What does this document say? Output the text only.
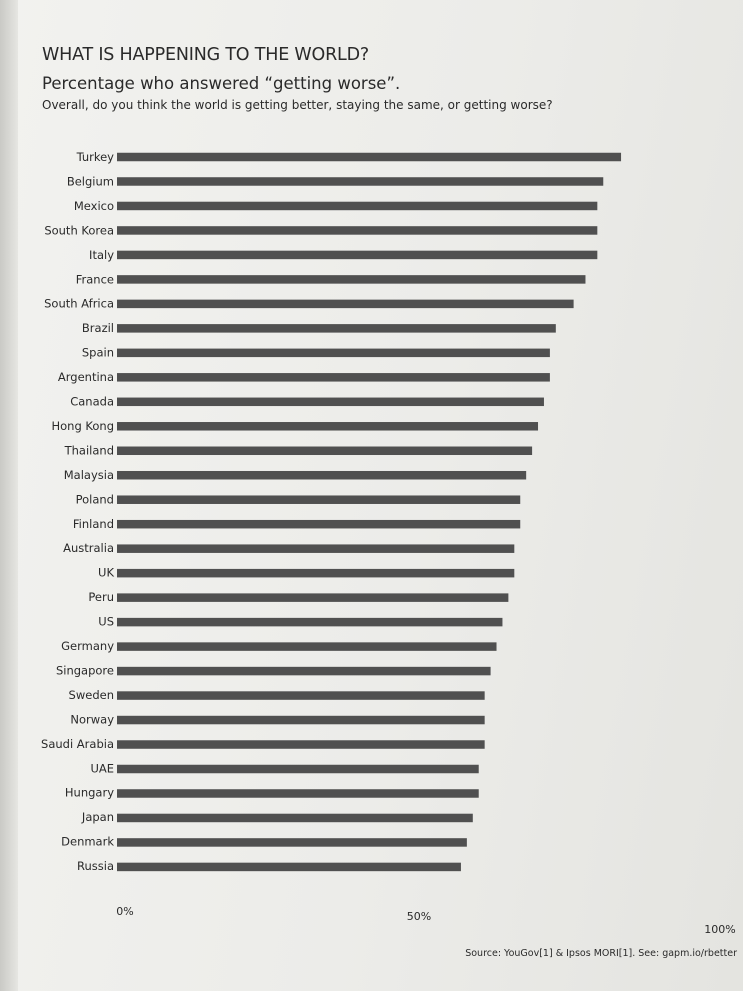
WHAT IS HAPPENING TO THE WORLD?
Percentage who answered “getting worse”.
Overall, do you think the world is getting better, staying the same, or getting worse?
Turkey
Belgium
Mexico
South Korea
Italy
France
South Africa
Brazil
Spain
Argentina
Canada
Hong Kong
Thailand
Malaysia
Poland
Finland
Australia
UK
Peru
US
Germany
Singapore
Sweden
Norway
Saudi Arabia
UAE
Hungary
Japan
Denmark
Russia
0%	50%
100%
Source: YouGov[1] & Ipsos MORI[1]. See: gapm.io/rbetter
